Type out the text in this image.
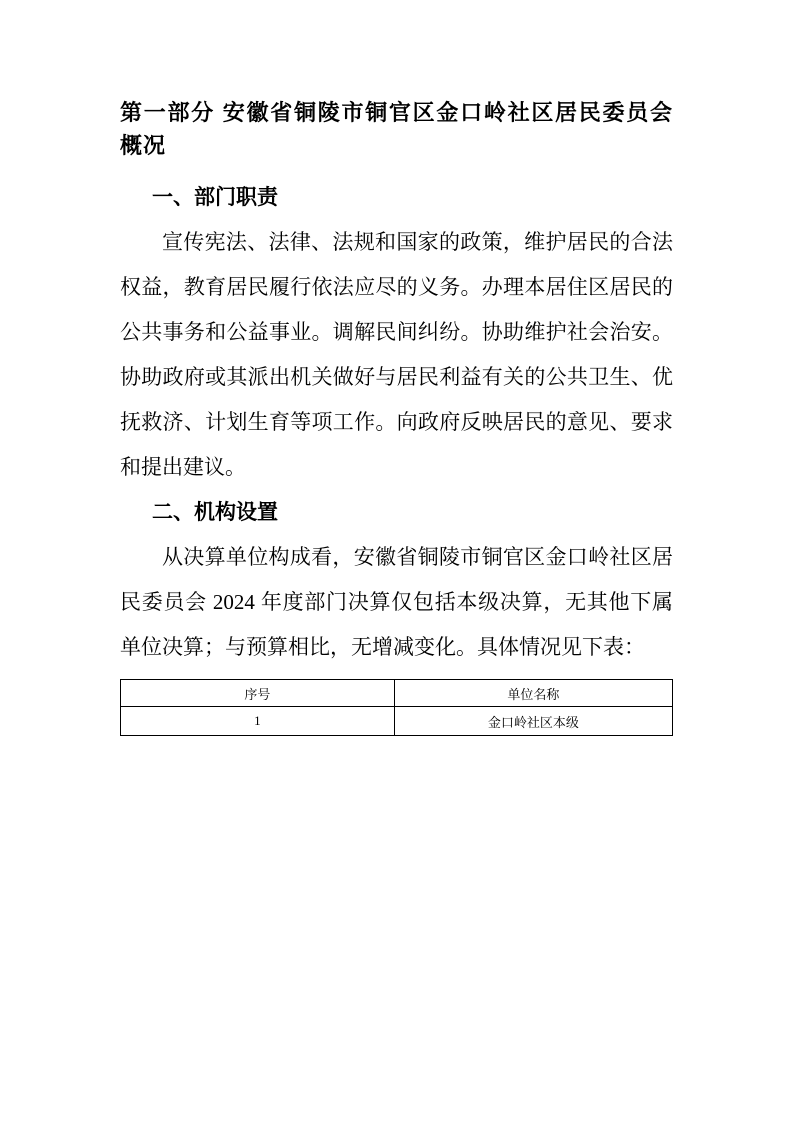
第一部分 安徽省铜陵市铜官区金口岭社区居民委员会概况
一、部门职责

宣传宪法、法律、法规和国家的政策，维护居民的合法权益，教育居民履行依法应尽的义务。办理本居住区居民的公共事务和公益事业。调解民间纠纷。协助维护社会治安。协助政府或其派出机关做好与居民利益有关的公共卫生、优抚救济、计划生育等项工作。向政府反映居民的意见、要求和提出建议。

二、机构设置

从决算单位构成看，安徽省铜陵市铜官区金口岭社区居民委员会 2024 年度部门决算仅包括本级决算，无其他下属单位决算；与预算相比，无增减变化。具体情况见下表：

序号	单位名称
1	金口岭社区本级
